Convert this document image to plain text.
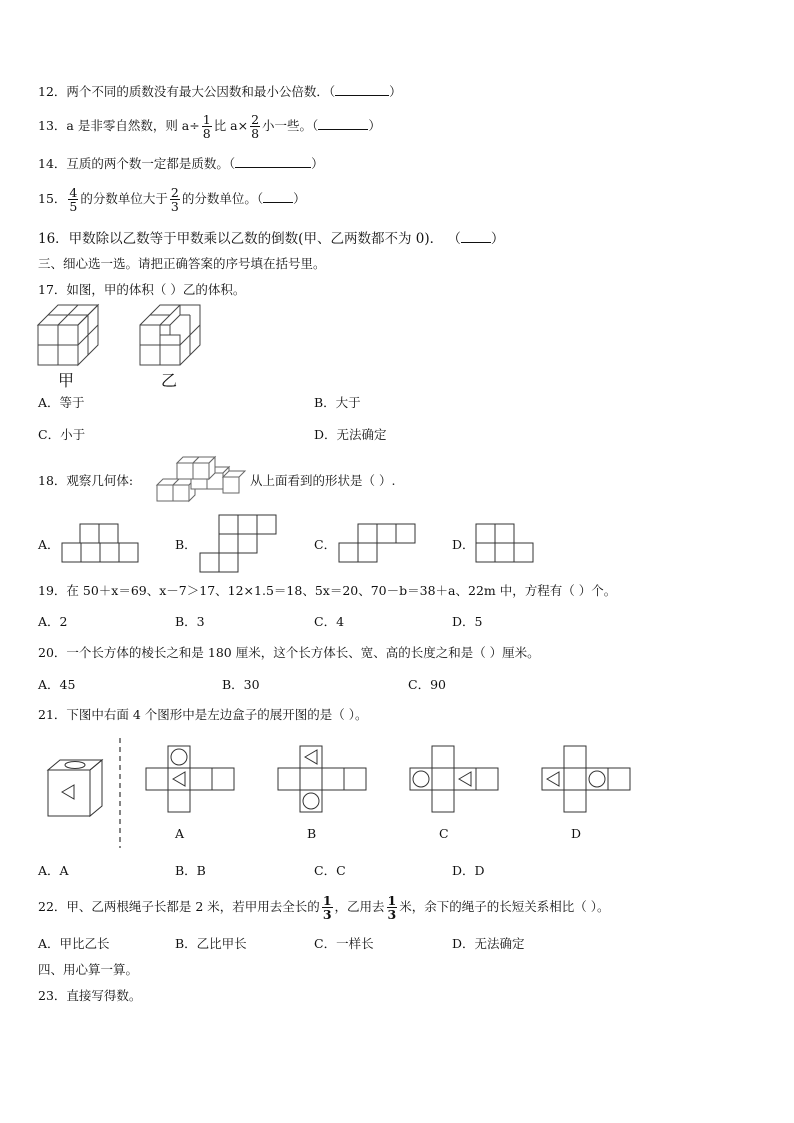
12．两个不同的质数没有最大公因数和最小公倍数．（	）
13．a 是非零自然数，则 $a\div \frac{1}{8}$ 比 $a\times \frac{2}{8}$ 小一些。（	）
14．互质的两个数一定都是质数。（	）
15． $\frac{4}{5}$ 的分数单位大于 $\frac{2}{3}$ 的分数单位。（ ）
16．甲数除以乙数等于甲数乘以乙数的倒数(甲、乙两数都不为 0)． （ ）
三、细心选一选。请把正确答案的序号填在括号里。
17．如图，甲的体积（ ）乙的体积。
甲	乙
A．等于	B．大于
C．小于	D．无法确定
18．观察几何体:	从上面看到的形状是（ ）.
A．	B．	C．	D．
19．在 50＋x＝69、x－7＞17、12×1.5＝18、5x＝20、70－b＝38＋a、22m 中，方程有（ ）个。
A．2	B．3	C．4	D．5
20．一个长方体的棱长之和是 180 厘米，这个长方体长、宽、高的长度之和是（ ）厘米。
A．45	B．30	C．90
21．下图中右面 4 个图形中是左边盒子的展开图的是（ ）。
A	B	C	D
A．A	B．B	C．C	D．D
22．甲、乙两根绳子长都是 2 米，若甲用去全长的 $\frac{1}{3}$ ，乙用去 $\frac{1}{3}$ 米，余下的绳子的长短关系相比（ ）。
A．甲比乙长	B．乙比甲长	C．一样长	D．无法确定
四、用心算一算。
23．直接写得数。
